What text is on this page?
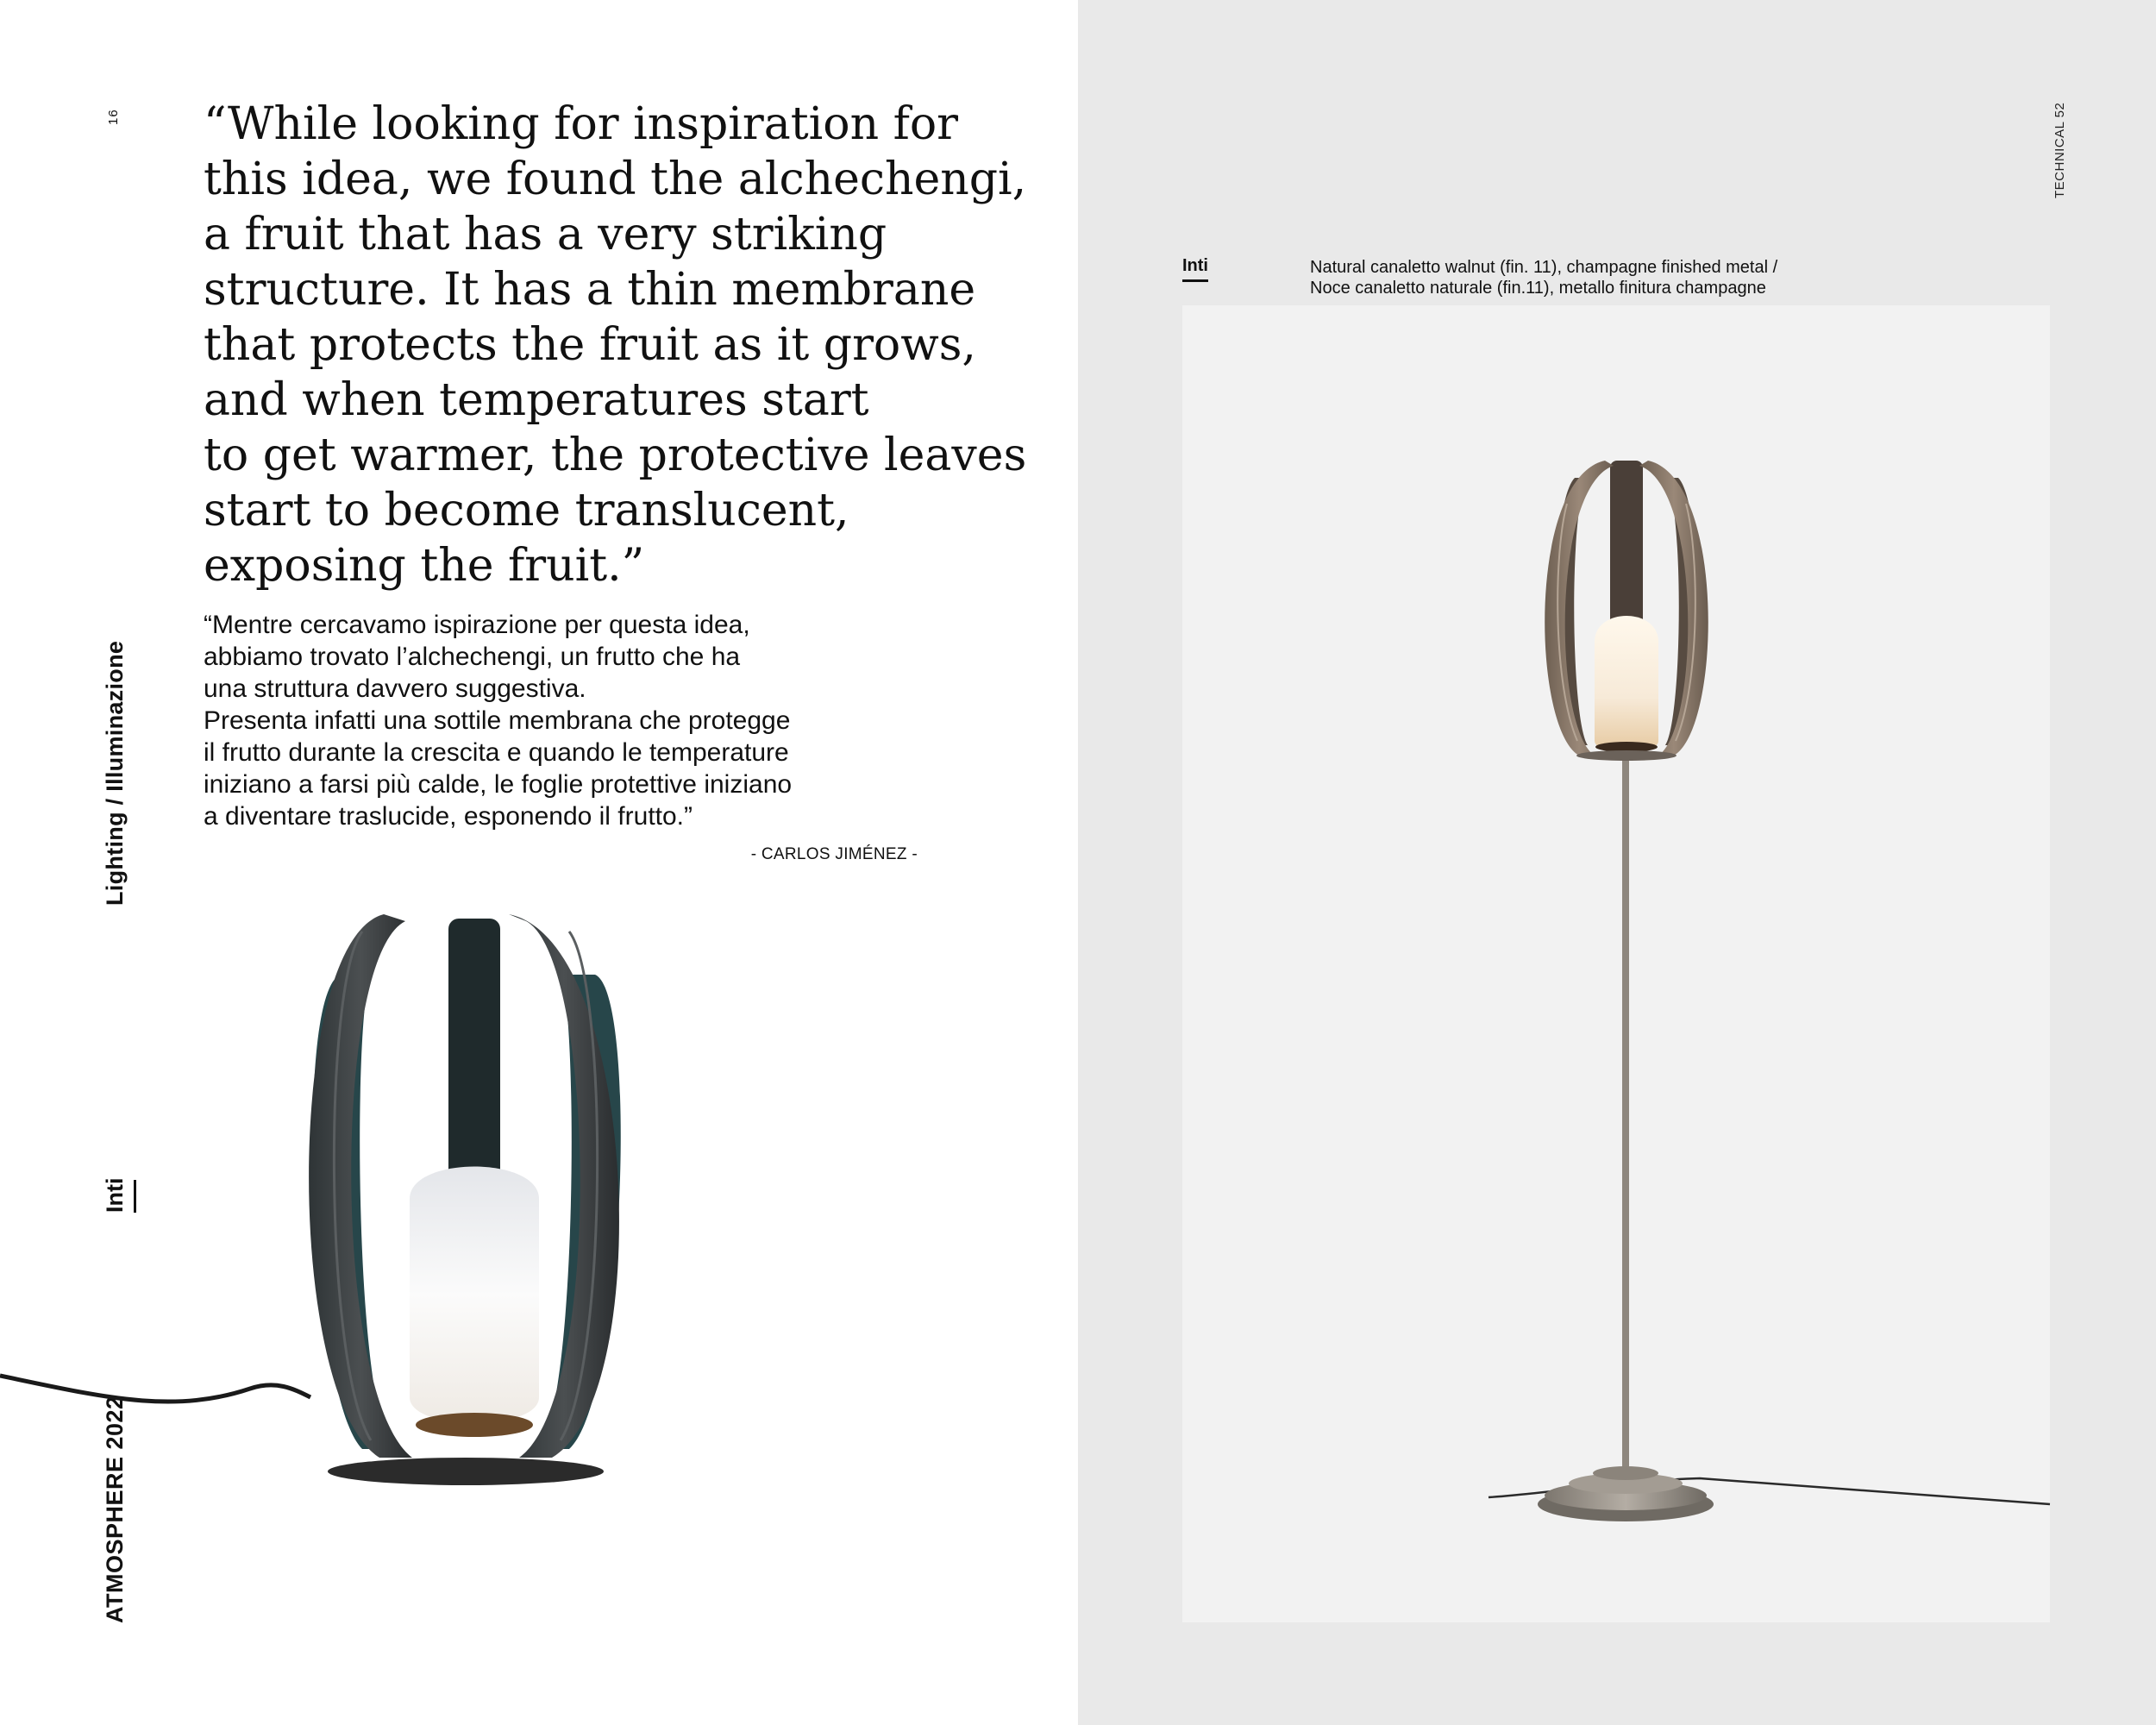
16
Lighting / Illuminazione
Inti
ATMOSPHERE 2022
TECHNICAL 52
“While looking for inspiration for
this idea, we found the alchechengi,
a fruit that has a very striking
structure. It has a thin membrane
that protects the fruit as it grows,
and when temperatures start
to get warmer, the protective leaves
start to become translucent,
exposing the fruit.”
“Mentre cercavamo ispirazione per questa idea,
abbiamo trovato l’alchechengi, un frutto che ha
una struttura davvero suggestiva.
Presenta infatti una sottile membrana che protegge
il frutto durante la crescita e quando le temperature
iniziano a farsi più calde, le foglie protettive iniziano
a diventare traslucide, esponendo il frutto.”
- CARLOS JIMÉNEZ -
Inti	Natural canaletto walnut (fin. 11), champagne finished metal /
Noce canaletto naturale (fin.11), metallo finitura champagne
